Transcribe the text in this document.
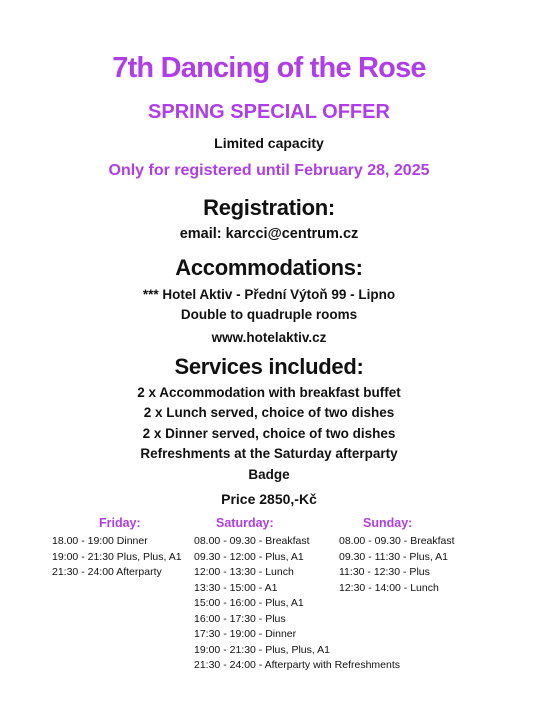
7th Dancing of the Rose
SPRING SPECIAL OFFER
Limited capacity
Only for registered until February 28, 2025
Registration:
email: karcci@centrum.cz
Accommodations:
*** Hotel Aktiv - Přední Výtoň 99 - Lipno
Double to quadruple rooms
www.hotelaktiv.cz
Services included:
2 x Accommodation with breakfast buffet
2 x Lunch served, choice of two dishes
2 x Dinner served, choice of two dishes
Refreshments at the Saturday afterparty
Badge
Price 2850,-Kč
Friday:
18.00 - 19:00 Dinner
19:00 - 21:30 Plus, Plus, A1
21:30 - 24:00 Afterparty
Saturday:
08.00 - 09.30 - Breakfast
09.30 - 12:00 - Plus, A1
12:00 - 13:30 - Lunch
13:30 - 15:00 - A1
15:00 - 16:00 - Plus, A1
16:00 - 17:30 - Plus
17:30 - 19:00 - Dinner
19:00 - 21:30 - Plus, Plus, A1
21:30 - 24:00 - Afterparty with Refreshments
Sunday:
08.00 - 09.30 - Breakfast
09.30 - 11:30 - Plus, A1
11:30 - 12:30 - Plus
12:30 - 14:00 - Lunch
